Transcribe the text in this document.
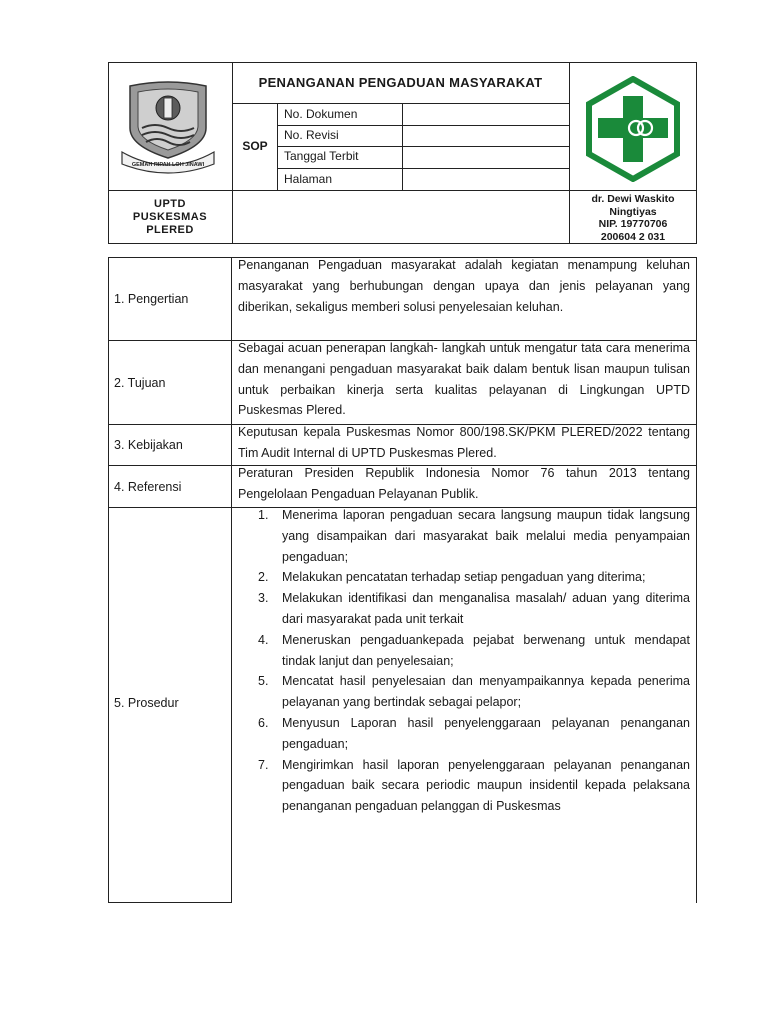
GEMAH RIPAH LOH JINAWI
PENANGANAN PENGADUAN MASYARAKAT
SOP
No. Dokumen
No. Revisi
Tanggal Terbit
Halaman
UPTD
PUSKESMAS
PLERED
dr. Dewi Waskito
Ningtiyas
NIP. 19770706
200604 2 031
1. Pengertian
Penanganan Pengaduan masyarakat adalah kegiatan menampung keluhan masyarakat yang berhubungan dengan upaya dan jenis pelayanan yang diberikan, sekaligus memberi solusi penyelesaian keluhan.
2. Tujuan
Sebagai acuan penerapan langkah- langkah untuk mengatur tata cara menerima dan menangani pengaduan masyarakat baik dalam bentuk lisan maupun tulisan untuk perbaikan kinerja serta kualitas pelayanan di Lingkungan UPTD Puskesmas Plered.
3. Kebijakan
Keputusan kepala Puskesmas Nomor 800/198.SK/PKM PLERED/2022 tentang Tim Audit Internal di UPTD Puskesmas Plered.
4. Referensi
Peraturan Presiden Republik Indonesia Nomor 76 tahun 2013 tentang Pengelolaan Pengaduan Pelayanan Publik.
5. Prosedur
1. Menerima laporan pengaduan secara langsung maupun tidak langsung yang disampaikan dari masyarakat baik melalui media penyampaian pengaduan;
2. Melakukan pencatatan terhadap setiap pengaduan yang diterima;
3. Melakukan identifikasi dan menganalisa masalah/ aduan yang diterima dari masyarakat pada unit terkait
4. Meneruskan pengaduankepada pejabat berwenang untuk mendapat tindak lanjut dan penyelesaian;
5. Mencatat hasil penyelesaian dan menyampaikannya kepada penerima pelayanan yang bertindak sebagai pelapor;
6. Menyusun Laporan hasil penyelenggaraan pelayanan penanganan pengaduan;
7. Mengirimkan hasil laporan penyelenggaraan pelayanan penanganan pengaduan baik secara periodic maupun insidentil kepada pelaksana penanganan pengaduan pelanggan di Puskesmas
